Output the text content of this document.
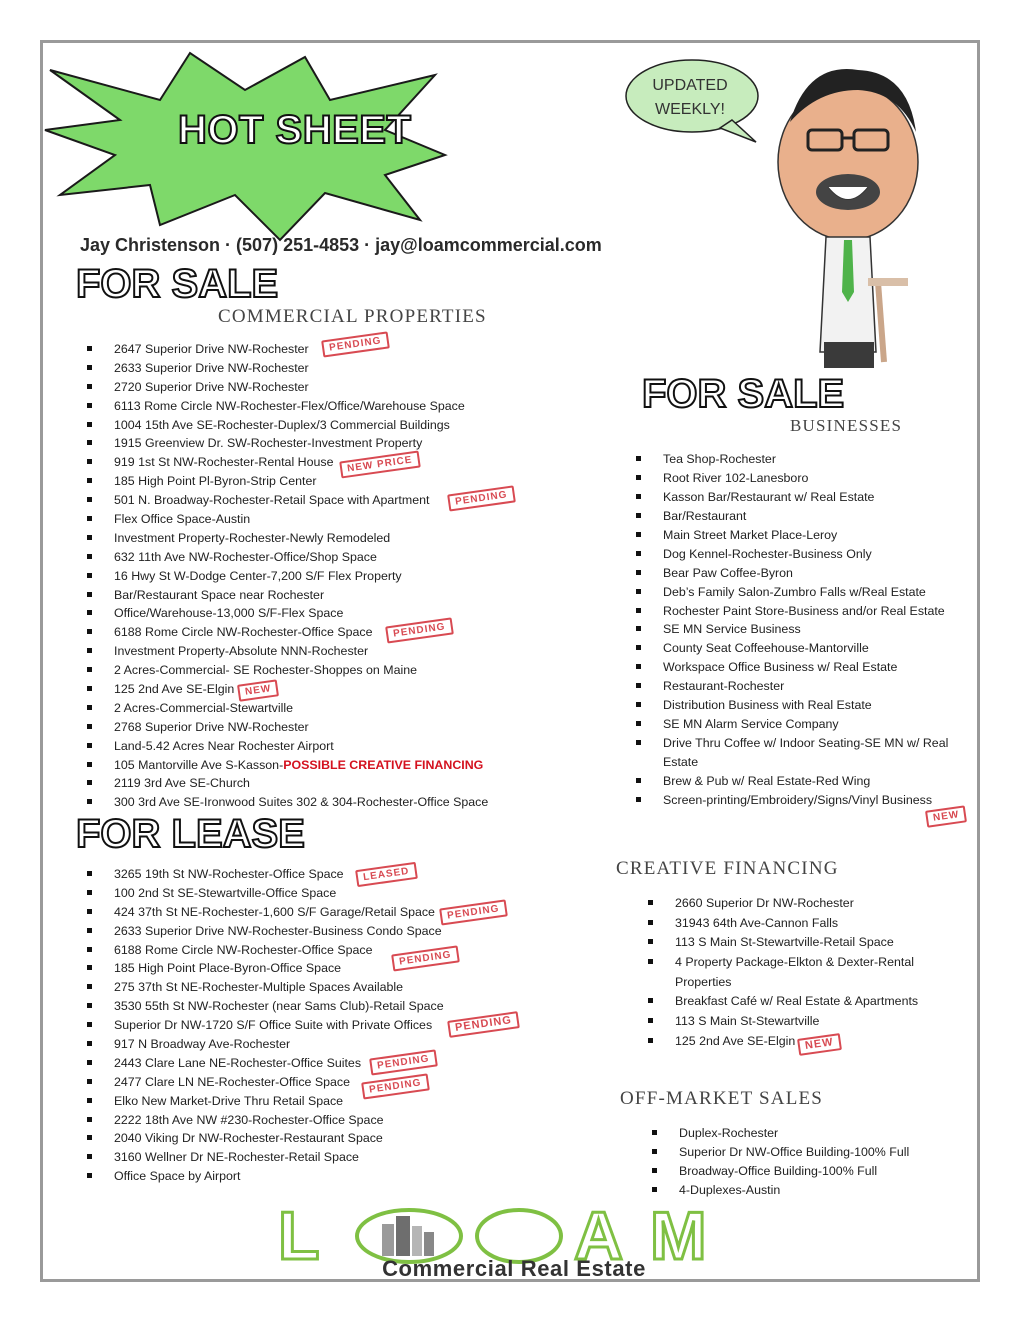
HOT SHEET
UPDATED
WEEKLY!
Jay Christenson · (507) 251-4853 · jay@loamcommercial.com
FOR SALE
COMMERCIAL PROPERTIES
2647 Superior Drive NW-Rochester
2633 Superior Drive NW-Rochester
2720 Superior Drive NW-Rochester
6113 Rome Circle NW-Rochester-Flex/Office/Warehouse Space
1004 15th Ave SE-Rochester-Duplex/3 Commercial Buildings
1915 Greenview Dr. SW-Rochester-Investment Property
919 1st St NW-Rochester-Rental House
185 High Point Pl-Byron-Strip Center
501 N. Broadway-Rochester-Retail Space with Apartment
Flex Office Space-Austin
Investment Property-Rochester-Newly Remodeled
632 11th Ave NW-Rochester-Office/Shop Space
16 Hwy St W-Dodge Center-7,200 S/F Flex Property
Bar/Restaurant Space near Rochester
Office/Warehouse-13,000 S/F-Flex Space
6188 Rome Circle NW-Rochester-Office Space
Investment Property-Absolute NNN-Rochester
2 Acres-Commercial- SE Rochester-Shoppes on Maine
125 2nd Ave SE-Elgin
2 Acres-Commercial-Stewartville
2768 Superior Drive NW-Rochester
Land-5.42 Acres Near Rochester Airport
105 Mantorville Ave S-Kasson-POSSIBLE CREATIVE FINANCING
2119 3rd Ave SE-Church
300 3rd Ave SE-Ironwood Suites 302 & 304-Rochester-Office Space
PENDING
NEW PRICE
PENDING
PENDING
NEW
FOR SALE
BUSINESSES
Tea Shop-Rochester
Root River 102-Lanesboro
Kasson Bar/Restaurant w/ Real Estate
Bar/Restaurant
Main Street Market Place-Leroy
Dog Kennel-Rochester-Business Only
Bear Paw Coffee-Byron
Deb’s Family Salon-Zumbro Falls w/Real Estate
Rochester Paint Store-Business and/or Real Estate
SE MN Service Business
County Seat Coffeehouse-Mantorville
Workspace Office Business w/ Real Estate
Restaurant-Rochester
Distribution Business with Real Estate
SE MN Alarm Service Company
Drive Thru Coffee w/ Indoor Seating-SE MN w/ Real Estate
Brew & Pub w/ Real Estate-Red Wing
Screen-printing/Embroidery/Signs/Vinyl Business
NEW
FOR LEASE
3265 19th St NW-Rochester-Office Space
100 2nd St SE-Stewartville-Office Space
424 37th St NE-Rochester-1,600 S/F Garage/Retail Space
2633 Superior Drive NW-Rochester-Business Condo Space
6188 Rome Circle NW-Rochester-Office Space
185 High Point Place-Byron-Office Space
275 37th St NE-Rochester-Multiple Spaces Available
3530 55th St NW-Rochester (near Sams Club)-Retail Space
Superior Dr NW-1720 S/F Office Suite with Private Offices
917 N Broadway Ave-Rochester
2443 Clare Lane NE-Rochester-Office Suites
2477 Clare LN NE-Rochester-Office Space
Elko New Market-Drive Thru Retail Space
2222 18th Ave NW #230-Rochester-Office Space
2040 Viking Dr NW-Rochester-Restaurant Space
3160 Wellner Dr NE-Rochester-Retail Space
Office Space by Airport
LEASED
PENDING
PENDING
PENDING
PENDING
PENDING
CREATIVE FINANCING
2660 Superior Dr NW-Rochester
31943 64th Ave-Cannon Falls
113 S Main St-Stewartville-Retail Space
4 Property Package-Elkton & Dexter-Rental Properties
Breakfast Café w/ Real Estate & Apartments
113 S Main St-Stewartville
125 2nd Ave SE-Elgin NEW
OFF-MARKET SALES
Duplex-Rochester
Superior Dr NW-Office Building-100% Full
Broadway-Office Building-100% Full
4-Duplexes-Austin
L	A M
Commercial Real Estate
